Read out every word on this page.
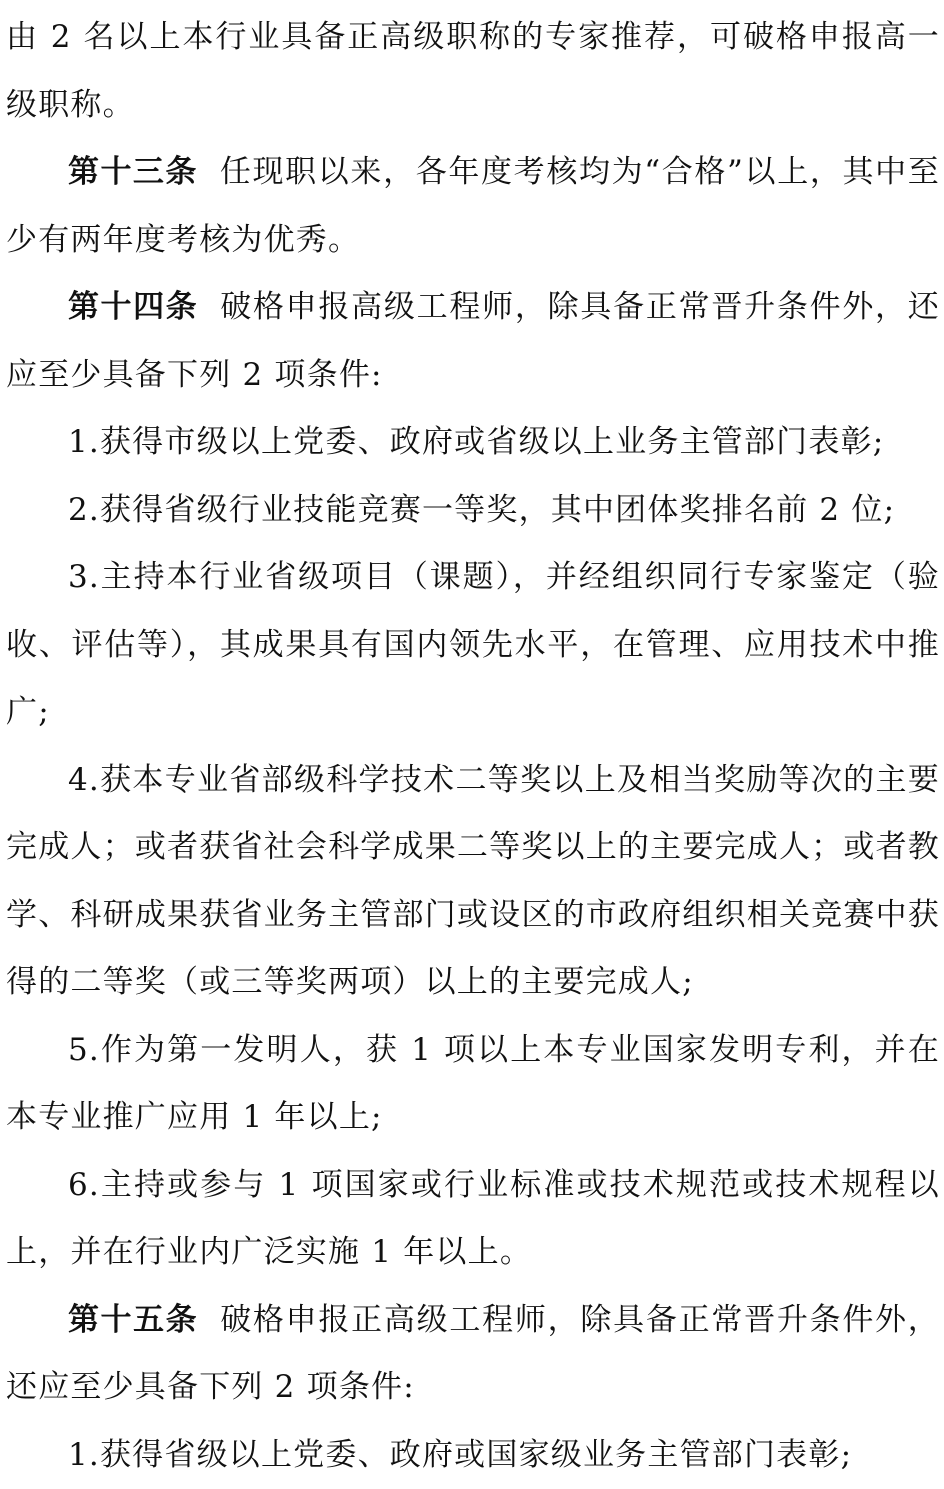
由 2 名以上本行业具备正高级职称的专家推荐，可破格申报高一级职称。

第十三条 任现职以来，各年度考核均为“合格”以上，其中至少有两年度考核为优秀。

第十四条 破格申报高级工程师，除具备正常晋升条件外，还应至少具备下列 2 项条件:

1.获得市级以上党委、政府或省级以上业务主管部门表彰;

2.获得省级行业技能竞赛一等奖，其中团体奖排名前 2 位;

3.主持本行业省级项目（课题），并经组织同行专家鉴定（验收、评估等），其成果具有国内领先水平，在管理、应用技术中推广;

4.获本专业省部级科学技术二等奖以上及相当奖励等次的主要完成人；或者获省社会科学成果二等奖以上的主要完成人；或者教学、科研成果获省业务主管部门或设区的市政府组织相关竞赛中获得的二等奖（或三等奖两项）以上的主要完成人;

5.作为第一发明人，获 1 项以上本专业国家发明专利，并在本专业推广应用 1 年以上;

6.主持或参与 1 项国家或行业标准或技术规范或技术规程以上，并在行业内广泛实施 1 年以上。

第十五条 破格申报正高级工程师，除具备正常晋升条件外，还应至少具备下列 2 项条件:

1.获得省级以上党委、政府或国家级业务主管部门表彰;
